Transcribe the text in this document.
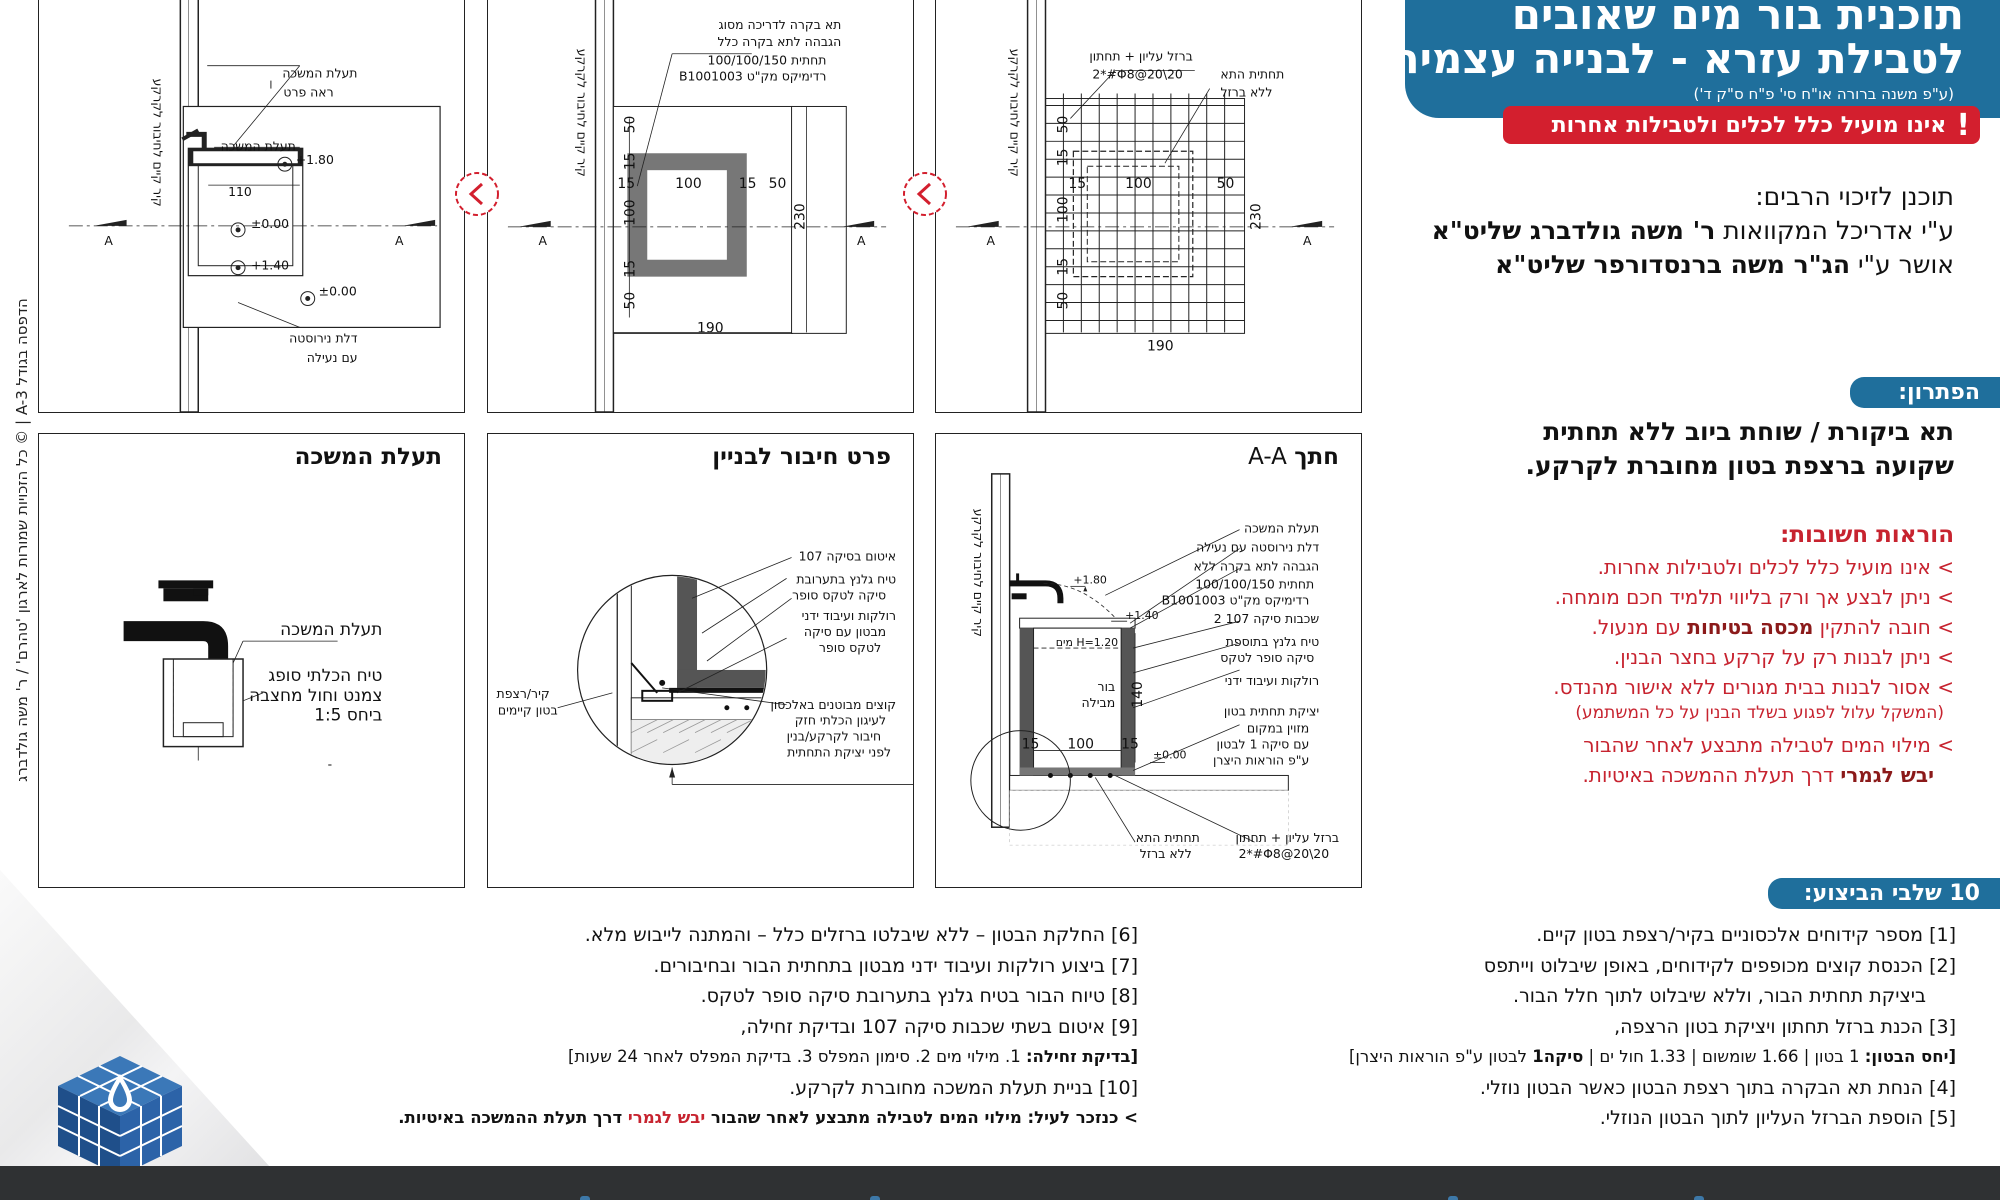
הדפסה בגודל A-3 | © כל הזכויות שמורות לארגון 'טהרם' / ר' משה גולדברג
תעלת המשכה
ראה פרט
תעלת המשכה
+1.80
±0.00
+1.40
±0.00
110
דלת נירוסטה
עם נעילה
A	A
קיר קיים לחיבור לקרקע
תא בקרה לדריכה מסוג
הגבהה לתא בקרה כלל
100/100/150 תחתית
B1001003 רדימיקס מק"ט
50
15
100
15
50
15	100	15 50
230
190
A	A
קיר קיים לחיבור לקרקע	ברזל עליון + תחתון
2*#Φ8@20\20	תחתית התא
ללא ברזל
50
15
100
15
50
15	100	50
230
190
A	A
קיר קיים לחיבור לקרקע
תעלת המשכה
תעלת המשכה
טיח הכלתי סופג
צמנט וחול מחצבה
1:5 ביחס
-
פרט חיבור לבניין
איטום בסיקה 107
טיח גלנץ בתערובת
סיקה לטקס סופר
רולקות ועיבוד ידני
מבטון עם סיקה
לטקס סופר
קוצים מבוטנים באלכסון
לעיגון הכלתי חזק
חיבור לקרקע/בנין
לפני יציקת התחתית
קיר/רצפת
בטון קיימים
חתך A-A
תעלת המשכה
דלת נירוסטה עם נעילה
הגבהה לתא בקרה ללא
100/100/150 תחתית
B1001003 רדימיקס מק"ט
2 שכבות סיקה 107
טיח גלנץ בתוספת
סיקה סופר לטקס
רולקות ועיבוד ידני
יציקת תחתית בטון
מזוין במקום
עם סיקה 1 לבטון
ע"פ הוראות היצרן
ברזל עליון + תחתון
2*#Φ8@20\20
תחתית התא
ללא ברזל
בור
מבילה
מים H=1.20
+1.80
+1.40
±0.00
100
15	15
140
קיר קיים לחיבור לקרקע
תוכנית בור מים שאובים
לטבילת עזרא - לבנייה עצמית
(ע"פ משנה ברורה או"ח סי' פ"ח ס"ק ד')
!
אינו מועיל כלל לכלים ולטבילות אחרות
תוכנן לזיכוי הרבים:
ע"י אדריכל המקוואות ר' משה גולדברג שליט"א
אושר ע"י הג"ר משה ברנסדורפר שליט"א
הפתרון:
תא ביקורת / שוחת ביוב ללא תחתית
שקועה ברצפת בטון מחוברת לקרקע.
הוראות חשובות:
> אינו מועיל כלל לכלים ולטבילות אחרות.
> ניתן לבצע אך ורק בליווי תלמיד חכם מומחה.
> חובה להתקין מכסה בטיחות עם מנעול.
> ניתן לבנות רק על קרקע בחצר הבנין.
> אסור לבנות בבית מגורים ללא אישור מהנדס.
(המשקל עלול לפגוע בשלד הבנין על כל המשתמע)
> מילוי המים לטבילה מתבצע לאחר שהבור
יבש לגמרי דרך תעלת ההמשכה באיטיות.
10 שלבי הביצוע:
[1] מספר קידוחים אלכסוניים בקיר/רצפת בטון קיים.
[2] הכנסת קוצים מכופפים לקידוחים, באופן שיבלוט וייתפס
ביציקת תחתית הבור, וללא שיבלוט לתוך חלל הבור.
[3] הכנת ברזל תחתון ויציקת בטון הרצפה,
[יחס הבטון: 1 בטון | 1.66 שומשום | 1.33 חול ים | סיקה1 לבטון ע"פ הוראות היצרן]
[4] הנחת תא הבקרה בתוך רצפת הבטון כאשר הבטון נוזלי.
[5] הוספת הברזל העליון לתוך הבטון הנוזלי.
[6] החלקת הבטון – ללא שיבלטו ברזלים כלל – והמתנה לייבוש מלא.
[7] ביצוע רולקות ועיבוד ידני מבטון בתחתית הבור ובחיבורים.
[8] טיוח הבור בטיח גלנץ בתערובת סיקה סופר לטקס.
[9] איטום בשתי שכבות סיקה 107 ובדיקת זחילה,
[בדיקת זחילה: 1. מילוי מים 2. סימון המפלס 3. בדיקת המפלס לאחר 24 שעות]
[10] בניית תעלת המשכה מחוברת לקרקע.
> כנזכר לעיל: מילוי המים לטבילה מתבצע לאחר שהבור יבש לגמרי דרך תעלת ההמשכה באיטיות.
